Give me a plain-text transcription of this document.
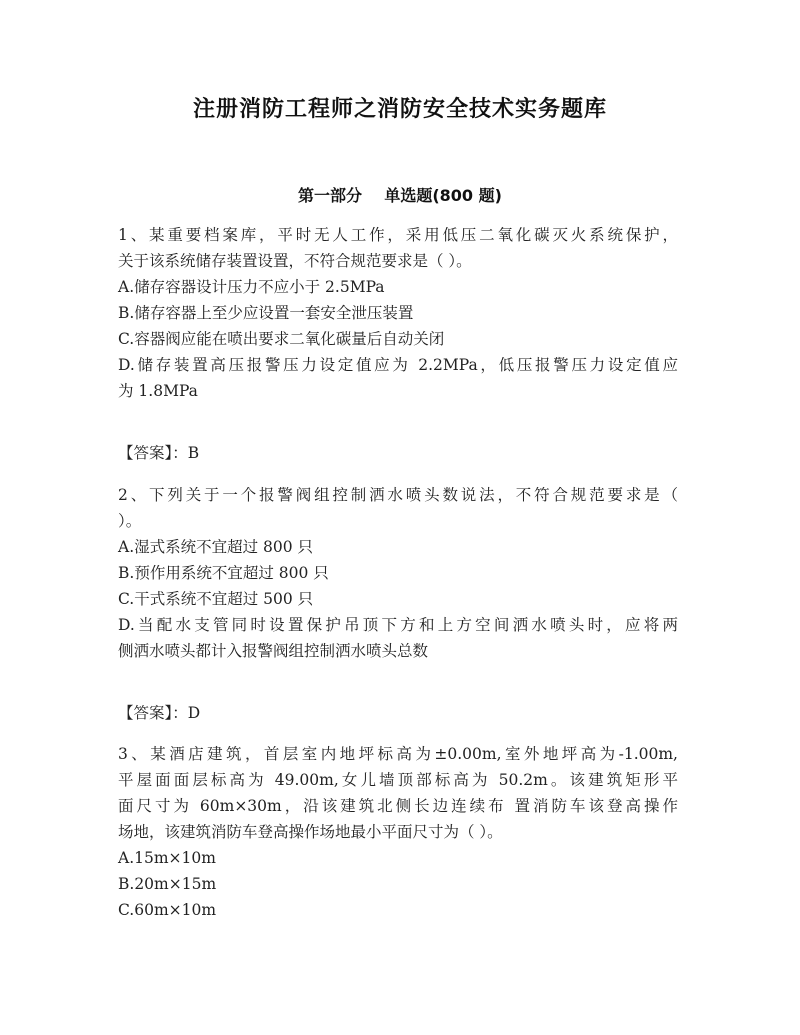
注册消防工程师之消防安全技术实务题库
第一部分    单选题(800 题)
1、某重要档案库，平时无人工作，采用低压二氧化碳灭火系统保护，
关于该系统储存装置设置，不符合规范要求是（ ）。
A.储存容器设计压力不应小于 2.5MPa
B.储存容器上至少应设置一套安全泄压装置
C.容器阀应能在喷出要求二氧化碳量后自动关闭
D.储存装置高压报警压力设定值应为 2.2MPa，低压报警压力设定值应
为 1.8MPa
【答案】：B
2、下列关于一个报警阀组控制洒水喷头数说法，不符合规范要求是（
）。
A.湿式系统不宜超过 800 只
B.预作用系统不宜超过 800 只
C.干式系统不宜超过 500 只
D.当配水支管同时设置保护吊顶下方和上方空间洒水喷头时，应将两
侧洒水喷头都计入报警阀组控制洒水喷头总数
【答案】：D
3、某酒店建筑，首层室内地坪标高为±0.00m,室外地坪高为-1.00m,
平屋面面层标高为 49.00m,女儿墙顶部标高为 50.2m。该建筑矩形平
面尺寸为 60m×30m，沿该建筑北侧长边连续布 置消防车该登高操作
场地，该建筑消防车登高操作场地最小平面尺寸为（ ）。
A.15m×10m
B.20m×15m
C.60m×10m
